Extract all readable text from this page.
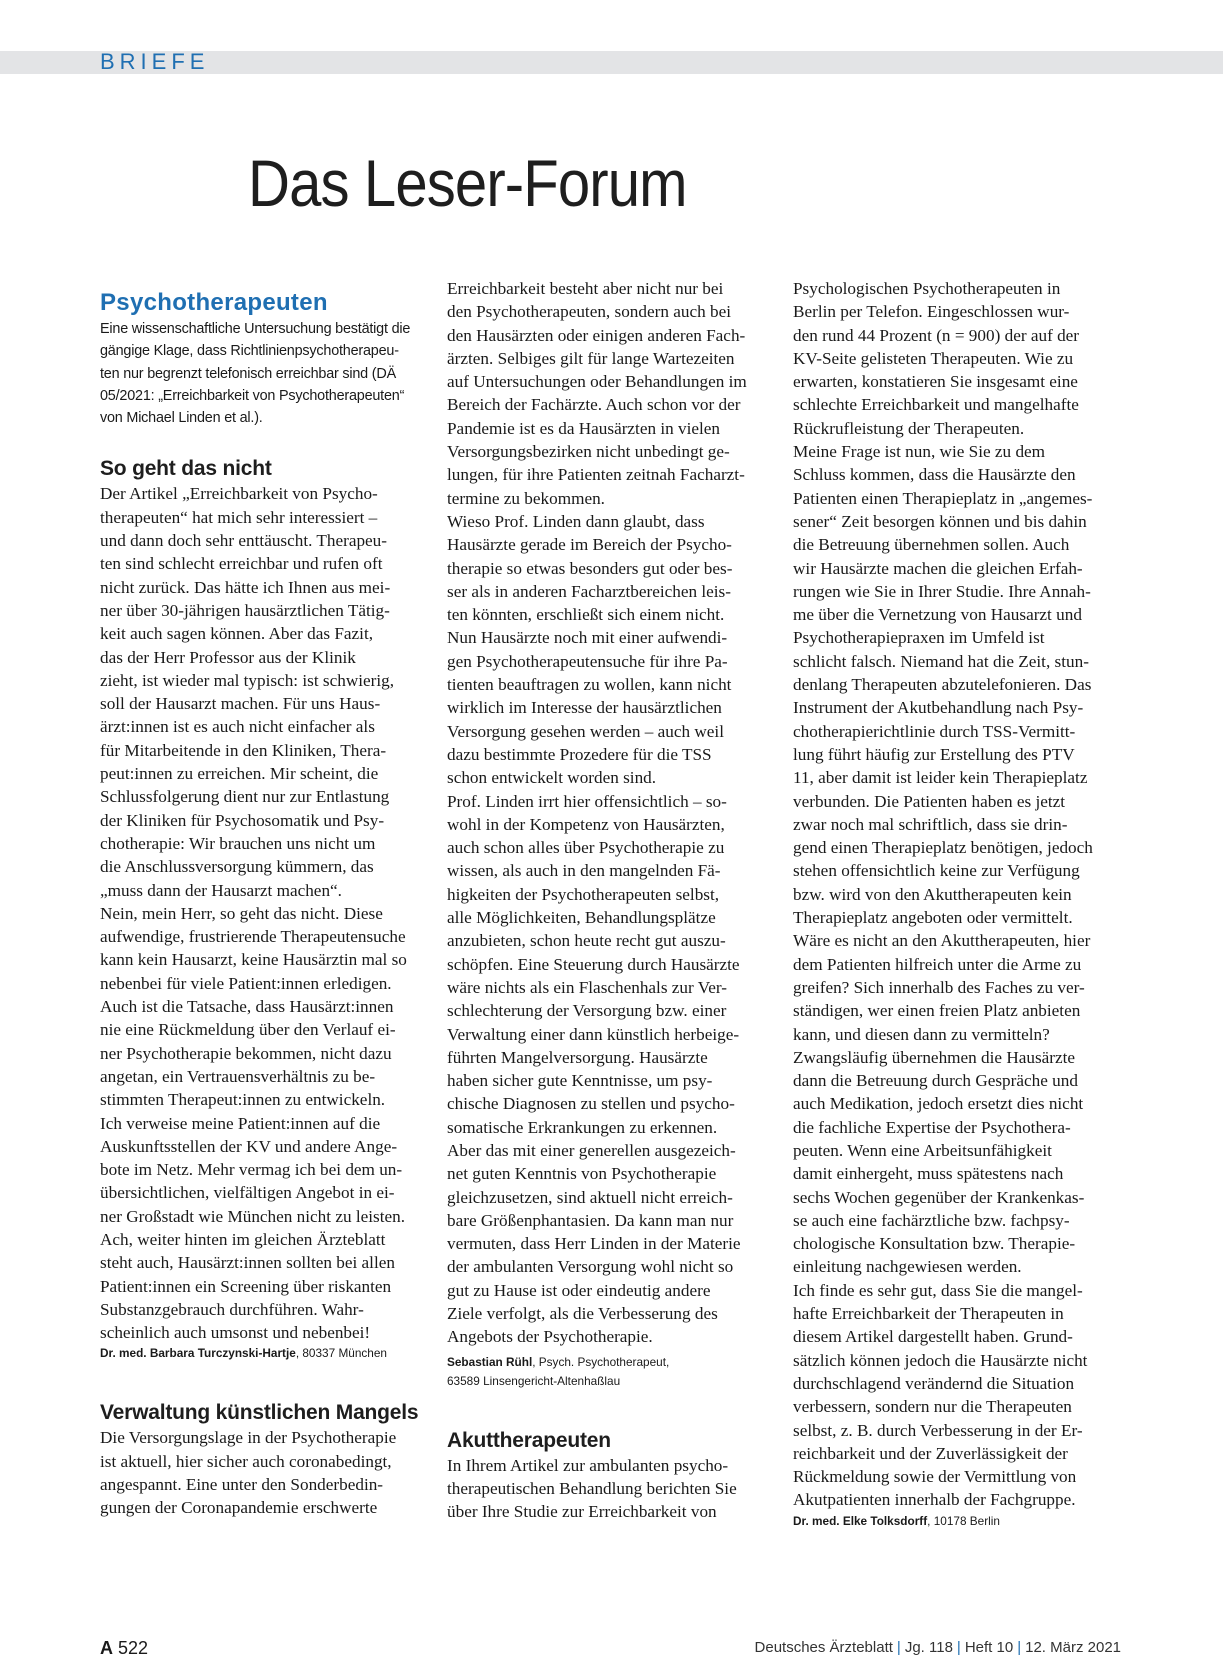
BRIEFE
Das Leser-Forum
Psychotherapeuten
Eine wissenschaftliche Untersuchung bestätigt die
gängige Klage, dass Richtlinienpsychotherapeu-
ten nur begrenzt telefonisch erreichbar sind (DÄ
05/2021: „Erreichbarkeit von Psychotherapeuten“
von Michael Linden et al.).
So geht das nicht
Der Artikel „Erreichbarkeit von Psycho-
therapeuten“ hat mich sehr interessiert –
und dann doch sehr enttäuscht. Therapeu-
ten sind schlecht erreichbar und rufen oft
nicht zurück. Das hätte ich Ihnen aus mei-
ner über 30-jährigen hausärztlichen Tätig-
keit auch sagen können. Aber das Fazit,
das der Herr Professor aus der Klinik
zieht, ist wieder mal typisch: ist schwierig,
soll der Hausarzt machen. Für uns Haus-
ärzt:innen ist es auch nicht einfacher als
für Mitarbeitende in den Kliniken, Thera-
peut:innen zu erreichen. Mir scheint, die
Schlussfolgerung dient nur zur Entlastung
der Kliniken für Psychosomatik und Psy-
chotherapie: Wir brauchen uns nicht um
die Anschlussversorgung kümmern, das
„muss dann der Hausarzt machen“.
Nein, mein Herr, so geht das nicht. Diese
aufwendige, frustrierende Therapeutensuche
kann kein Hausarzt, keine Hausärztin mal so
nebenbei für viele Patient:innen erledigen.
Auch ist die Tatsache, dass Hausärzt:innen
nie eine Rückmeldung über den Verlauf ei-
ner Psychotherapie bekommen, nicht dazu
angetan, ein Vertrauensverhältnis zu be-
stimmten Therapeut:innen zu entwickeln.
Ich verweise meine Patient:innen auf die
Auskunftsstellen der KV und andere Ange-
bote im Netz. Mehr vermag ich bei dem un-
übersichtlichen, vielfältigen Angebot in ei-
ner Großstadt wie München nicht zu leisten.
Ach, weiter hinten im gleichen Ärzteblatt
steht auch, Hausärzt:innen sollten bei allen
Patient:innen ein Screening über riskanten
Substanzgebrauch durchführen. Wahr-
scheinlich auch umsonst und nebenbei!
Dr. med. Barbara Turczynski-Hartje, 80337 München
Verwaltung künstlichen Mangels
Die Versorgungslage in der Psychotherapie
ist aktuell, hier sicher auch coronabedingt,
angespannt. Eine unter den Sonderbedin-
gungen der Coronapandemie erschwerte
Erreichbarkeit besteht aber nicht nur bei
den Psychotherapeuten, sondern auch bei
den Hausärzten oder einigen anderen Fach-
ärzten. Selbiges gilt für lange Wartezeiten
auf Untersuchungen oder Behandlungen im
Bereich der Fachärzte. Auch schon vor der
Pandemie ist es da Hausärzten in vielen
Versorgungsbezirken nicht unbedingt ge-
lungen, für ihre Patienten zeitnah Facharzt-
termine zu bekommen.
Wieso Prof. Linden dann glaubt, dass
Hausärzte gerade im Bereich der Psycho-
therapie so etwas besonders gut oder bes-
ser als in anderen Facharztbereichen leis-
ten könnten, erschließt sich einem nicht.
Nun Hausärzte noch mit einer aufwendi-
gen Psychotherapeutensuche für ihre Pa-
tienten beauftragen zu wollen, kann nicht
wirklich im Interesse der hausärztlichen
Versorgung gesehen werden – auch weil
dazu bestimmte Prozedere für die TSS
schon entwickelt worden sind.
Prof. Linden irrt hier offensichtlich – so-
wohl in der Kompetenz von Hausärzten,
auch schon alles über Psychotherapie zu
wissen, als auch in den mangelnden Fä-
higkeiten der Psychotherapeuten selbst,
alle Möglichkeiten, Behandlungsplätze
anzubieten, schon heute recht gut auszu-
schöpfen. Eine Steuerung durch Hausärzte
wäre nichts als ein Flaschenhals zur Ver-
schlechterung der Versorgung bzw. einer
Verwaltung einer dann künstlich herbeige-
führten Mangelversorgung. Hausärzte
haben sicher gute Kenntnisse, um psy-
chische Diagnosen zu stellen und psycho-
somatische Erkrankungen zu erkennen.
Aber das mit einer generellen ausgezeich-
net guten Kenntnis von Psychotherapie
gleichzusetzen, sind aktuell nicht erreich-
bare Größenphantasien. Da kann man nur
vermuten, dass Herr Linden in der Materie
der ambulanten Versorgung wohl nicht so
gut zu Hause ist oder eindeutig andere
Ziele verfolgt, als die Verbesserung des
Angebots der Psychotherapie.
Sebastian Rühl, Psych. Psychotherapeut,
63589 Linsengericht-Altenhaßlau
Akuttherapeuten
In Ihrem Artikel zur ambulanten psycho-
therapeutischen Behandlung berichten Sie
über Ihre Studie zur Erreichbarkeit von
Psychologischen Psychotherapeuten in
Berlin per Telefon. Eingeschlossen wur-
den rund 44 Prozent (n = 900) der auf der
KV-Seite gelisteten Therapeuten. Wie zu
erwarten, konstatieren Sie insgesamt eine
schlechte Erreichbarkeit und mangelhafte
Rückrufleistung der Therapeuten.
Meine Frage ist nun, wie Sie zu dem
Schluss kommen, dass die Hausärzte den
Patienten einen Therapieplatz in „angemes-
sener“ Zeit besorgen können und bis dahin
die Betreuung übernehmen sollen. Auch
wir Hausärzte machen die gleichen Erfah-
rungen wie Sie in Ihrer Studie. Ihre Annah-
me über die Vernetzung von Hausarzt und
Psychotherapiepraxen im Umfeld ist
schlicht falsch. Niemand hat die Zeit, stun-
denlang Therapeuten abzutelefonieren. Das
Instrument der Akutbehandlung nach Psy-
chotherapierichtlinie durch TSS-Vermitt-
lung führt häufig zur Erstellung des PTV
11, aber damit ist leider kein Therapieplatz
verbunden. Die Patienten haben es jetzt
zwar noch mal schriftlich, dass sie drin-
gend einen Therapieplatz benötigen, jedoch
stehen offensichtlich keine zur Verfügung
bzw. wird von den Akuttherapeuten kein
Therapieplatz angeboten oder vermittelt.
Wäre es nicht an den Akuttherapeuten, hier
dem Patienten hilfreich unter die Arme zu
greifen? Sich innerhalb des Faches zu ver-
ständigen, wer einen freien Platz anbieten
kann, und diesen dann zu vermitteln?
Zwangsläufig übernehmen die Hausärzte
dann die Betreuung durch Gespräche und
auch Medikation, jedoch ersetzt dies nicht
die fachliche Expertise der Psychothera-
peuten. Wenn eine Arbeitsunfähigkeit
damit einhergeht, muss spätestens nach
sechs Wochen gegenüber der Krankenkas-
se auch eine fachärztliche bzw. fachpsy-
chologische Konsultation bzw. Therapie-
einleitung nachgewiesen werden.
Ich finde es sehr gut, dass Sie die mangel-
hafte Erreichbarkeit der Therapeuten in
diesem Artikel dargestellt haben. Grund-
sätzlich können jedoch die Hausärzte nicht
durchschlagend verändernd die Situation
verbessern, sondern nur die Therapeuten
selbst, z. B. durch Verbesserung in der Er-
reichbarkeit und der Zuverlässigkeit der
Rückmeldung sowie der Vermittlung von
Akutpatienten innerhalb der Fachgruppe.
Dr. med. Elke Tolksdorff, 10178 Berlin
A 522	Deutsches Ärzteblatt | Jg. 118 | Heft 10 | 12. März 2021
